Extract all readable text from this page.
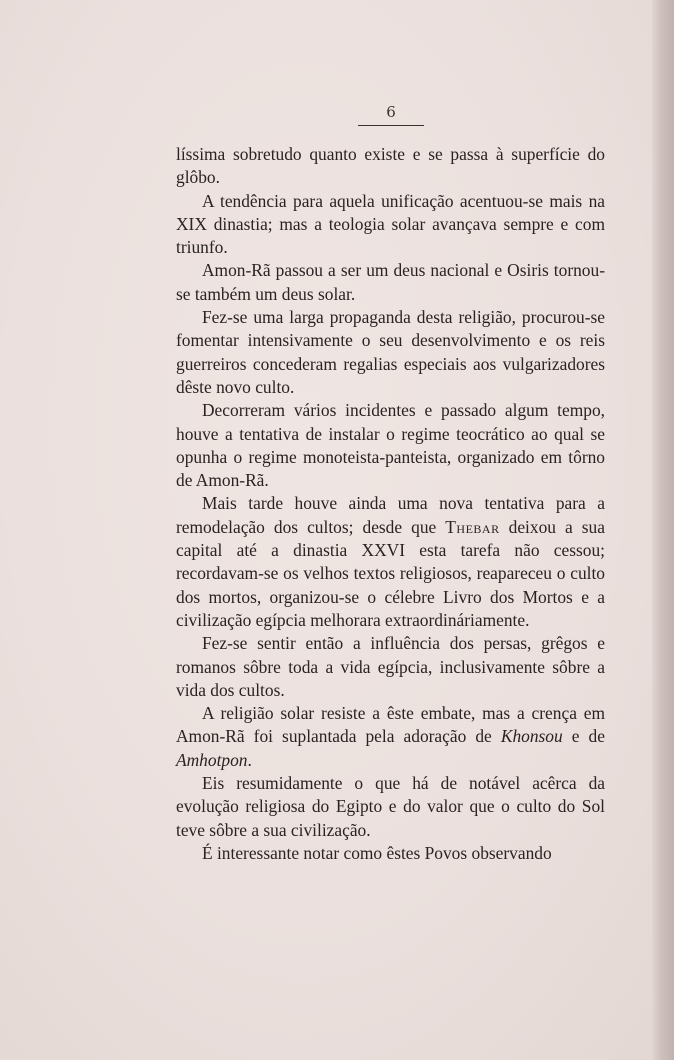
6

líssima sobretudo quanto existe e se passa à superfície do glôbo.

A tendência para aquela unificação acentuou-se mais na XIX dinastia; mas a teologia solar avançava sempre e com triunfo.

Amon-Rã passou a ser um deus nacional e Osiris tornou-se também um deus solar.

Fez-se uma larga propaganda desta religião, procurou-se fomentar intensivamente o seu desenvolvimento e os reis guerreiros concederam regalias especiais aos vulgarizadores dêste novo culto.

Decorreram vários incidentes e passado algum tempo, houve a tentativa de instalar o regime teocrático ao qual se opunha o regime monoteista-panteista, organizado em tôrno de Amon-Rã.

Mais tarde houve ainda uma nova tentativa para a remodelação dos cultos; desde que Thebar deixou a sua capital até a dinastia XXVI esta tarefa não cessou; recordavam-se os velhos textos religiosos, reapareceu o culto dos mortos, organizou-se o célebre Livro dos Mortos e a civilização egípcia melhorara extraordináriamente.

Fez-se sentir então a influência dos persas, grêgos e romanos sôbre toda a vida egípcia, inclusivamente sôbre a vida dos cultos.

A religião solar resiste a êste embate, mas a crença em Amon-Rã foi suplantada pela adoração de Khonsou e de Amhotpon.

Eis resumidamente o que há de notável acêrca da evolução religiosa do Egipto e do valor que o culto do Sol teve sôbre a sua civilização.

É interessante notar como êstes Povos observando
